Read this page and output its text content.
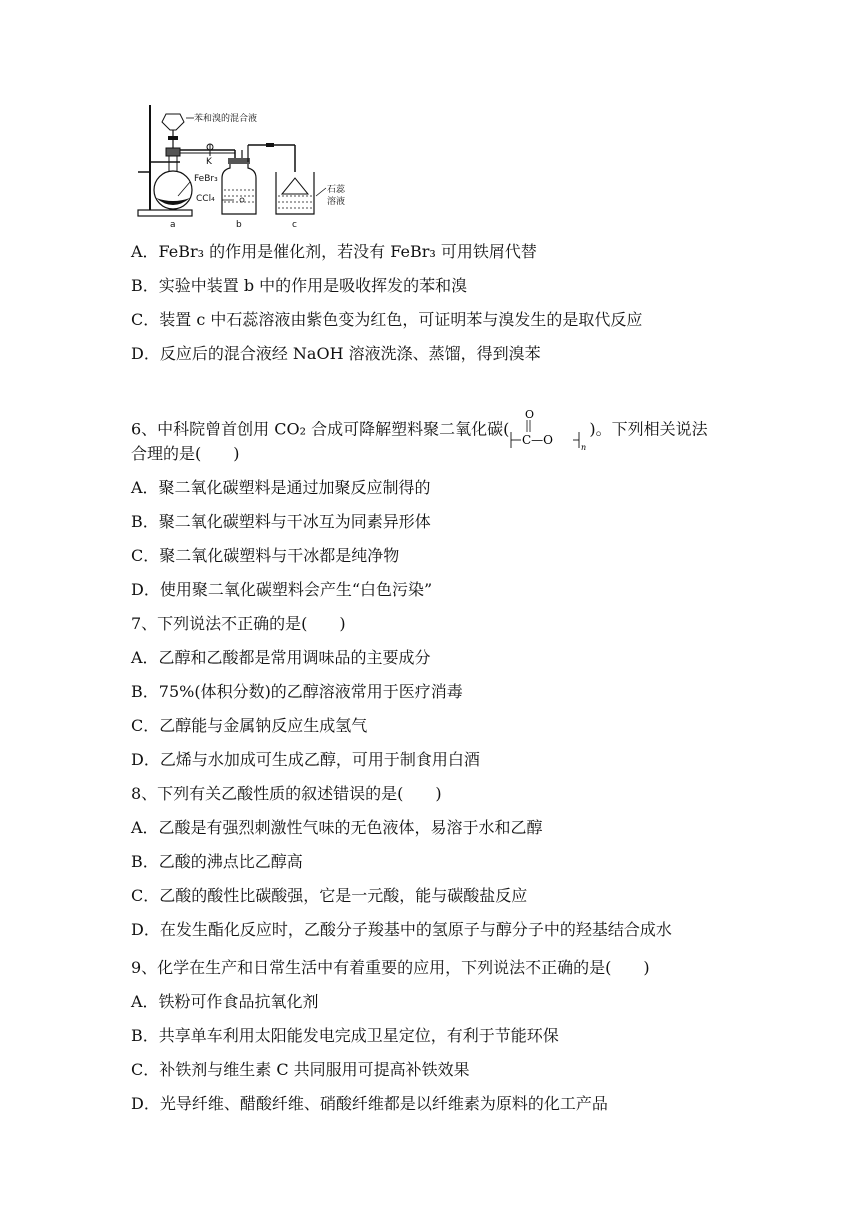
苯和溴的混合液
K
FeBr₃
CCl₄
石蕊
溶液
a	b	c
A．FeBr₃ 的作用是催化剂，若没有 FeBr₃ 可用铁屑代替
B．实验中装置 b 中的作用是吸收挥发的苯和溴
C．装置 c 中石蕊溶液由紫色变为红色，可证明苯与溴发生的是取代反应
D．反应后的混合液经 NaOH 溶液洗涤、蒸馏，得到溴苯
6、中科院曾首创用 CO₂ 合成可降解塑料聚二氧化碳(
O
C—O
n
)。下列相关说法
合理的是(　　)
A．聚二氧化碳塑料是通过加聚反应制得的
B．聚二氧化碳塑料与干冰互为同素异形体
C．聚二氧化碳塑料与干冰都是纯净物
D．使用聚二氧化碳塑料会产生“白色污染”
7、下列说法不正确的是(　　)
A．乙醇和乙酸都是常用调味品的主要成分
B．75%(体积分数)的乙醇溶液常用于医疗消毒
C．乙醇能与金属钠反应生成氢气
D．乙烯与水加成可生成乙醇，可用于制食用白酒
8、下列有关乙酸性质的叙述错误的是(　　)
A．乙酸是有强烈刺激性气味的无色液体，易溶于水和乙醇
B．乙酸的沸点比乙醇高
C．乙酸的酸性比碳酸强，它是一元酸，能与碳酸盐反应
D．在发生酯化反应时，乙酸分子羧基中的氢原子与醇分子中的羟基结合成水
9、化学在生产和日常生活中有着重要的应用，下列说法不正确的是(　　)
A．铁粉可作食品抗氧化剂
B．共享单车利用太阳能发电完成卫星定位，有利于节能环保
C．补铁剂与维生素 C 共同服用可提高补铁效果
D．光导纤维、醋酸纤维、硝酸纤维都是以纤维素为原料的化工产品
